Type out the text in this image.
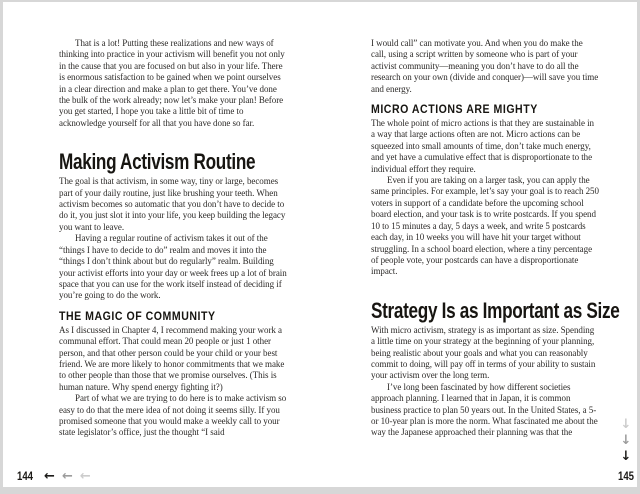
That is a lot! Putting these realizations and new ways of thinking into practice in your activism will benefit you not only in the cause that you are focused on but also in your life. There is enormous satisfaction to be gained when we point ourselves in a clear direction and make a plan to get there. You’ve done the bulk of the work already; now let’s make your plan! Before you get started, I hope you take a little bit of time to acknowledge yourself for all that you have done so far.

Making Activism Routine

The goal is that activism, in some way, tiny or large, becomes part of your daily routine, just like brushing your teeth. When activism becomes so automatic that you don’t have to decide to do it, you just slot it into your life, you keep building the legacy you want to leave.

Having a regular routine of activism takes it out of the “things I have to decide to do” realm and moves it into the “things I don’t think about but do regularly” realm. Building your activist efforts into your day or week frees up a lot of brain space that you can use for the work itself instead of deciding if you’re going to do the work.

THE MAGIC OF COMMUNITY

As I discussed in Chapter 4, I recommend making your work a communal effort. That could mean 20 people or just 1 other person, and that other person could be your child or your best friend. We are more likely to honor commitments that we make to other people than those that we promise ourselves. (This is human nature. Why spend energy fighting it?)

Part of what we are trying to do here is to make activism so easy to do that the mere idea of not doing it seems silly. If you promised someone that you would make a weekly call to your state legislator’s office, just the thought “I said

I would call” can motivate you. And when you do make the call, using a script written by someone who is part of your activist community—meaning you don’t have to do all the research on your own (divide and conquer)—will save you time and energy.

MICRO ACTIONS ARE MIGHTY

The whole point of micro actions is that they are sustainable in a way that large actions often are not. Micro actions can be squeezed into small amounts of time, don’t take much energy, and yet have a cumulative effect that is disproportionate to the individual effort they require.

Even if you are taking on a larger task, you can apply the same principles. For example, let’s say your goal is to reach 250 voters in support of a candidate before the upcoming school board election, and your task is to write postcards. If you spend 10 to 15 minutes a day, 5 days a week, and write 5 postcards each day, in 10 weeks you will have hit your target without struggling. In a school board election, where a tiny percentage of people vote, your postcards can have a disproportionate impact.

Strategy Is as Important as Size

With micro activism, strategy is as important as size. Spending a little time on your strategy at the beginning of your planning, being realistic about your goals and what you can reasonably commit to doing, will pay off in terms of your ability to sustain your activism over the long term.

I’ve long been fascinated by how different societies approach planning. I learned that in Japan, it is common business practice to plan 50 years out. In the United States, a 5- or 10-year plan is more the norm. What fascinated me about the way the Japanese approached their planning was that the

144 ← ← ←
↓
↓
↓
145
